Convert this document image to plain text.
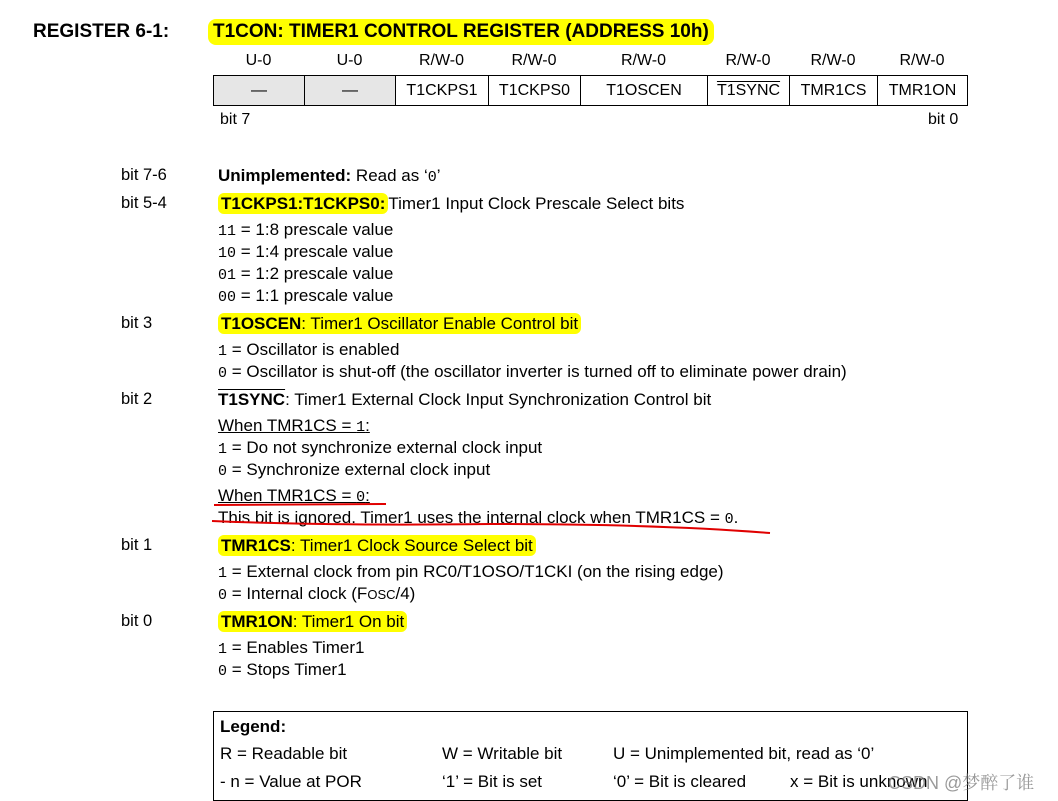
REGISTER 6-1: T1CON: TIMER1 CONTROL REGISTER (ADDRESS 10h)
U-0	U-0	R/W-0	R/W-0	R/W-0	R/W-0	R/W-0	R/W-0
—	—	T1CKPS1	T1CKPS0	T1OSCEN	T1SYNC	TMR1CS	TMR1ON
bit 7	bit 0
bit 7-6	Unimplemented: Read as ‘0’
bit 5-4	T1CKPS1:T1CKPS0: Timer1 Input Clock Prescale Select bits
11 = 1:8 prescale value
10 = 1:4 prescale value
01 = 1:2 prescale value
00 = 1:1 prescale value
bit 3	T1OSCEN: Timer1 Oscillator Enable Control bit
1 = Oscillator is enabled
0 = Oscillator is shut-off (the oscillator inverter is turned off to eliminate power drain)
bit 2	T1SYNC: Timer1 External Clock Input Synchronization Control bit
When TMR1CS = 1:
1 = Do not synchronize external clock input
0 = Synchronize external clock input
When TMR1CS = 0:
This bit is ignored. Timer1 uses the internal clock when TMR1CS = 0.
bit 1	TMR1CS: Timer1 Clock Source Select bit
1 = External clock from pin RC0/T1OSO/T1CKI (on the rising edge)
0 = Internal clock (FOSC/4)
bit 0	TMR1ON: Timer1 On bit
1 = Enables Timer1
0 = Stops Timer1
Legend:
R = Readable bit	W = Writable bit	U = Unimplemented bit, read as ‘0’
- n = Value at POR	‘1’ = Bit is set	‘0’ = Bit is cleared	x = Bit is unknown
CSDN @梦醉了谁
